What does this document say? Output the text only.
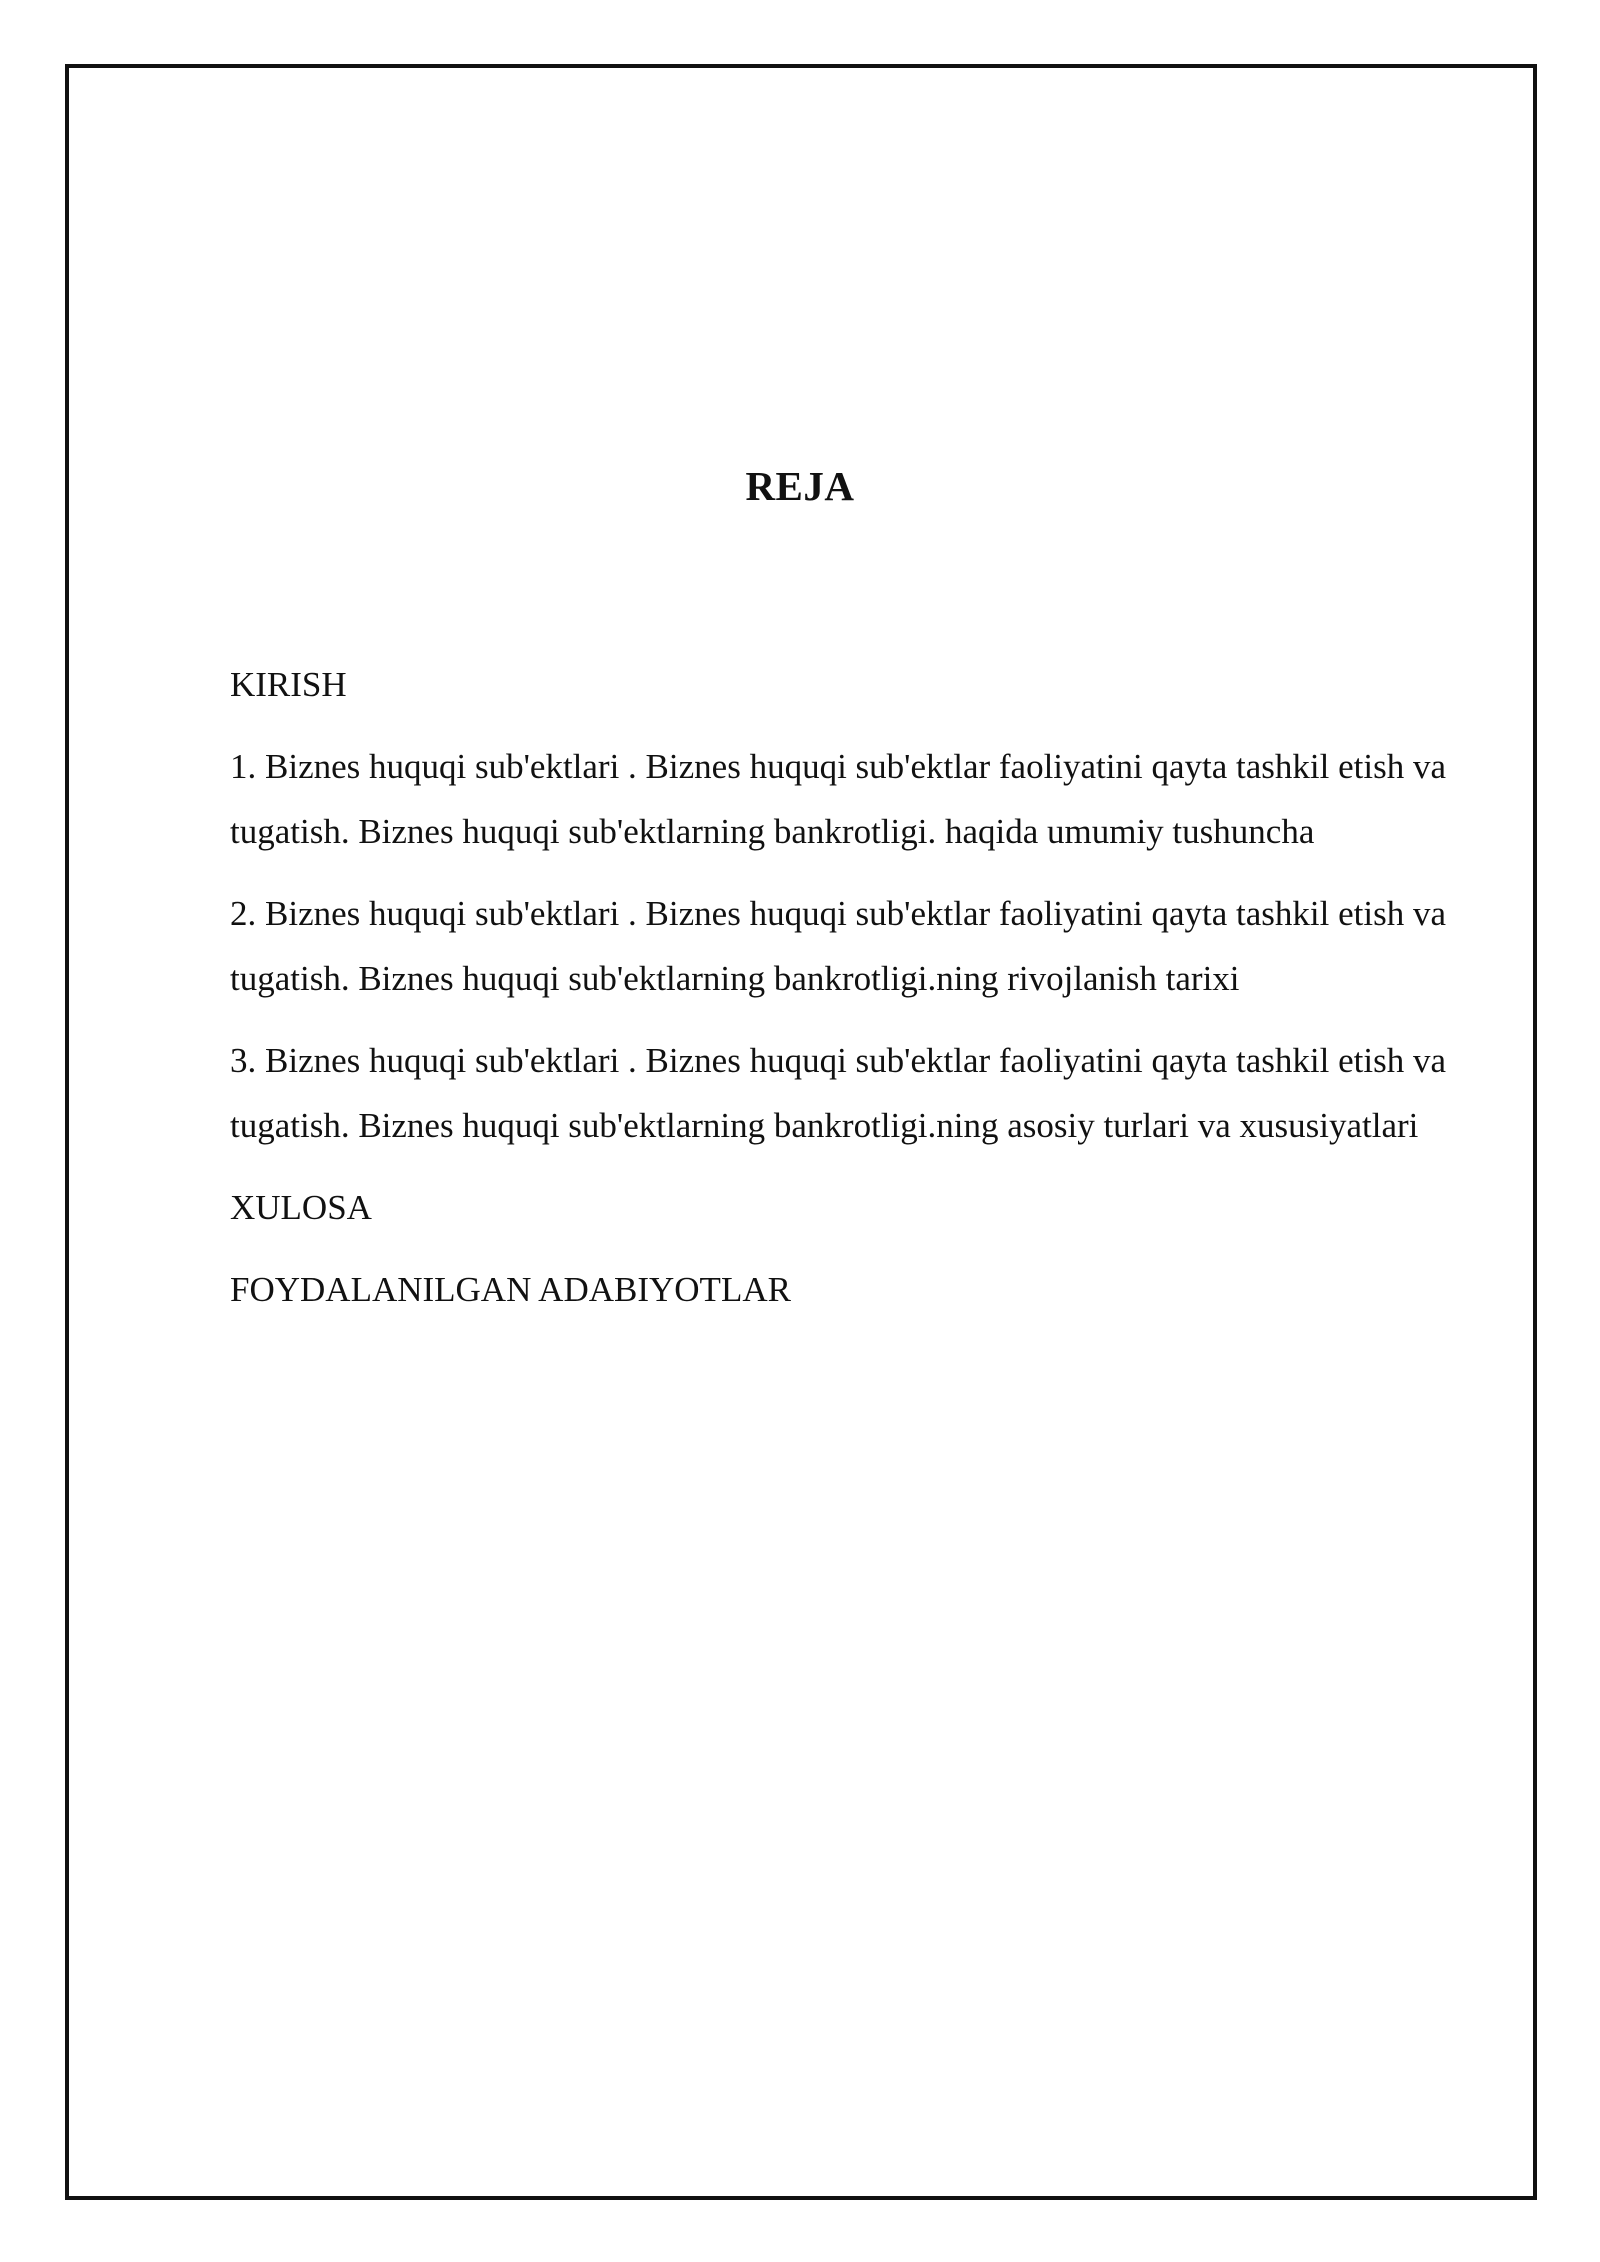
REJA
KIRISH
1. Biznes huquqi sub'ektlari . Biznes huquqi sub'ektlar faoliyatini qayta tashkil etish va tugatish. Biznes huquqi sub'ektlarning bankrotligi. haqida umumiy tushuncha
2. Biznes huquqi sub'ektlari . Biznes huquqi sub'ektlar faoliyatini qayta tashkil etish va tugatish. Biznes huquqi sub'ektlarning bankrotligi.ning rivojlanish tarixi
3. Biznes huquqi sub'ektlari . Biznes huquqi sub'ektlar faoliyatini qayta tashkil etish va tugatish. Biznes huquqi sub'ektlarning bankrotligi.ning asosiy turlari va xususiyatlari
XULOSA
FOYDALANILGAN ADABIYOTLAR
